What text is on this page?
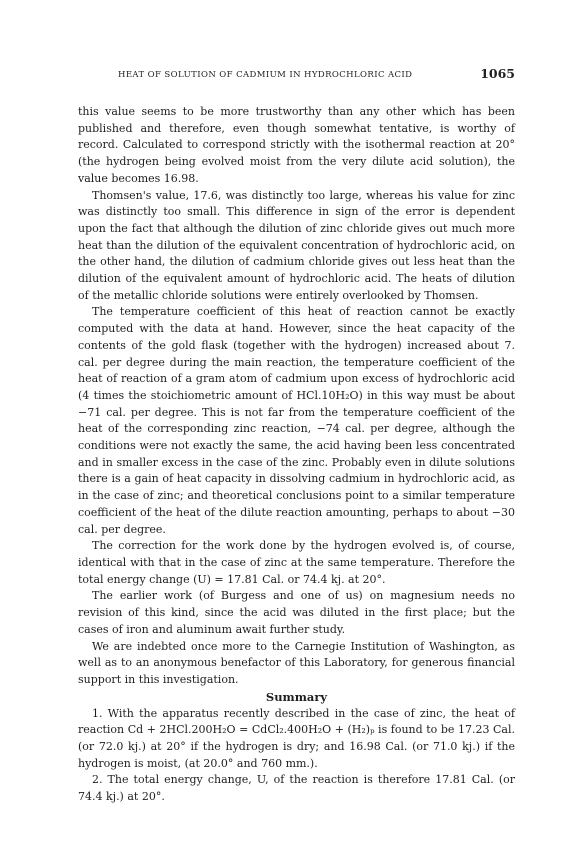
HEAT OF SOLUTION OF CADMIUM IN HYDROCHLORIC ACID	1065

this value seems to be more trustworthy than any other which has been published and therefore, even though somewhat tentative, is worthy of record. Calculated to correspond strictly with the isothermal reaction at 20° (the hydrogen being evolved moist from the very dilute acid solution), the value becomes 16.98.

Thomsen's value, 17.6, was distinctly too large, whereas his value for zinc was distinctly too small. This difference in sign of the error is dependent upon the fact that although the dilution of zinc chloride gives out much more heat than the dilution of the equivalent concentration of hydrochloric acid, on the other hand, the dilution of cadmium chloride gives out less heat than the dilution of the equivalent amount of hydrochloric acid. The heats of dilution of the metallic chloride solutions were entirely overlooked by Thomsen.

The temperature coefficient of this heat of reaction cannot be exactly computed with the data at hand. However, since the heat capacity of the contents of the gold flask (together with the hydrogen) increased about 7. cal. per degree during the main reaction, the temperature coefficient of the heat of reaction of a gram atom of cadmium upon excess of hydrochloric acid (4 times the stoichiometric amount of HCl.10H₂O) in this way must be about −71 cal. per degree. This is not far from the temperature coefficient of the heat of the corresponding zinc reaction, −74 cal. per degree, although the conditions were not exactly the same, the acid having been less concentrated and in smaller excess in the case of the zinc. Probably even in dilute solutions there is a gain of heat capacity in dissolving cadmium in hydrochloric acid, as in the case of zinc; and theoretical conclusions point to a similar temperature coefficient of the heat of the dilute reaction amounting, perhaps to about −30 cal. per degree.

The correction for the work done by the hydrogen evolved is, of course, identical with that in the case of zinc at the same temperature. Therefore the total energy change (U) = 17.81 Cal. or 74.4 kj. at 20°.

The earlier work (of Burgess and one of us) on magnesium needs no revision of this kind, since the acid was diluted in the first place; but the cases of iron and aluminum await further study.

We are indebted once more to the Carnegie Institution of Washington, as well as to an anonymous benefactor of this Laboratory, for generous financial support in this investigation.

Summary

1. With the apparatus recently described in the case of zinc, the heat of reaction Cd + 2HCl.200H₂O = CdCl₂.400H₂O + (H₂)ₚ is found to be 17.23 Cal. (or 72.0 kj.) at 20° if the hydrogen is dry; and 16.98 Cal. (or 71.0 kj.) if the hydrogen is moist, (at 20.0° and 760 mm.).

2. The total energy change, U, of the reaction is therefore 17.81 Cal. (or 74.4 kj.) at 20°.
